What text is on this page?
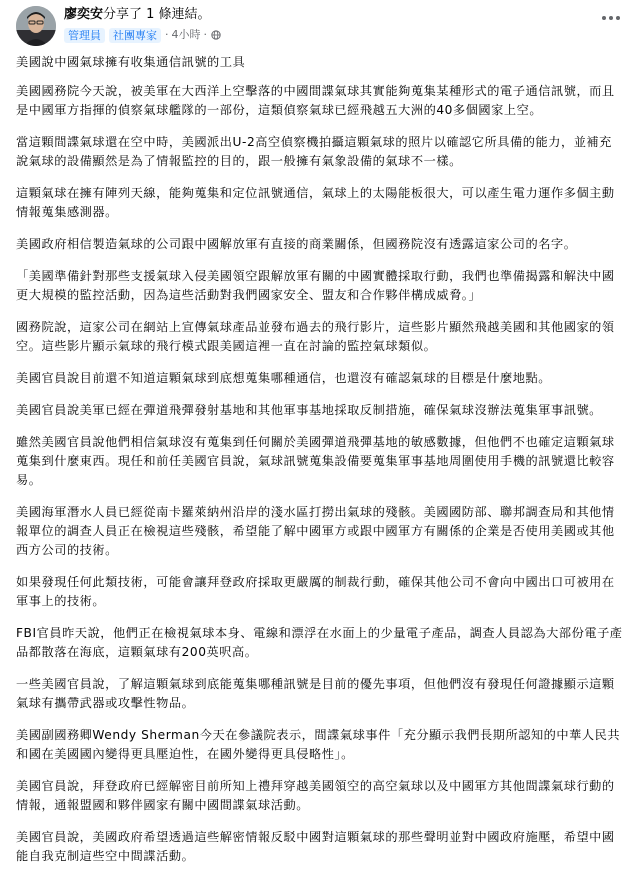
廖奕安分享了 1 條連結。
管理員	社團專家 · 4小時 ·

美國說中國氣球擁有收集通信訊號的工具

美國國務院今天說，被美軍在大西洋上空擊落的中國間諜氣球其實能夠蒐集某種形式的電子通信訊號，而且是中國軍方指揮的偵察氣球艦隊的一部份，這類偵察氣球已經飛越五大洲的40多個國家上空。

當這顆間諜氣球還在空中時，美國派出U-2高空偵察機拍攝這顆氣球的照片以確認它所具備的能力，並補充說氣球的設備顯然是為了情報監控的目的，跟一般擁有氣象設備的氣球不一樣。

這顆氣球在擁有陣列天線，能夠蒐集和定位訊號通信，氣球上的太陽能板很大，可以產生電力運作多個主動情報蒐集感測器。

美國政府相信製造氣球的公司跟中國解放軍有直接的商業關係，但國務院沒有透露這家公司的名字。

「美國準備針對那些支援氣球入侵美國領空跟解放軍有關的中國實體採取行動，我們也準備揭露和解決中國更大規模的監控活動，因為這些活動對我們國家安全、盟友和合作夥伴構成威脅。」

國務院說，這家公司在網站上宣傳氣球產品並發布過去的飛行影片，這些影片顯然飛越美國和其他國家的領空。這些影片顯示氣球的飛行模式跟美國這裡一直在討論的監控氣球類似。

美國官員說目前還不知道這顆氣球到底想蒐集哪種通信，也還沒有確認氣球的目標是什麼地點。

美國官員說美軍已經在彈道飛彈發射基地和其他軍事基地採取反制措施，確保氣球沒辦法蒐集軍事訊號。

雖然美國官員說他們相信氣球沒有蒐集到任何關於美國彈道飛彈基地的敏感數據，但他們不也確定這顆氣球蒐集到什麼東西。現任和前任美國官員說，氣球訊號蒐集設備要蒐集軍事基地周圍使用手機的訊號還比較容易。

美國海軍潛水人員已經從南卡羅萊納州沿岸的淺水區打撈出氣球的殘骸。美國國防部、聯邦調查局和其他情報單位的調查人員正在檢視這些殘骸，希望能了解中國軍方或跟中國軍方有關係的企業是否使用美國或其他西方公司的技術。

如果發現任何此類技術，可能會讓拜登政府採取更嚴厲的制裁行動，確保其他公司不會向中國出口可被用在軍事上的技術。

FBI官員昨天說，他們正在檢視氣球本身、電線和漂浮在水面上的少量電子產品，調查人員認為大部份電子產品都散落在海底，這顆氣球有200英呎高。

一些美國官員說，了解這顆氣球到底能蒐集哪種訊號是目前的優先事項，但他們沒有發現任何證據顯示這顆氣球有攜帶武器或攻擊性物品。

美國副國務卿Wendy Sherman今天在參議院表示，間諜氣球事件「充分顯示我們長期所認知的中華人民共和國在美國國內變得更具壓迫性，在國外變得更具侵略性」。

美國官員說，拜登政府已經解密目前所知上禮拜穿越美國領空的高空氣球以及中國軍方其他間諜氣球行動的情報，通報盟國和夥伴國家有關中國間諜氣球活動。

美國官員說，美國政府希望透過這些解密情報反駁中國對這顆氣球的那些聲明並對中國政府施壓，希望中國能自我克制這些空中間諜活動。
